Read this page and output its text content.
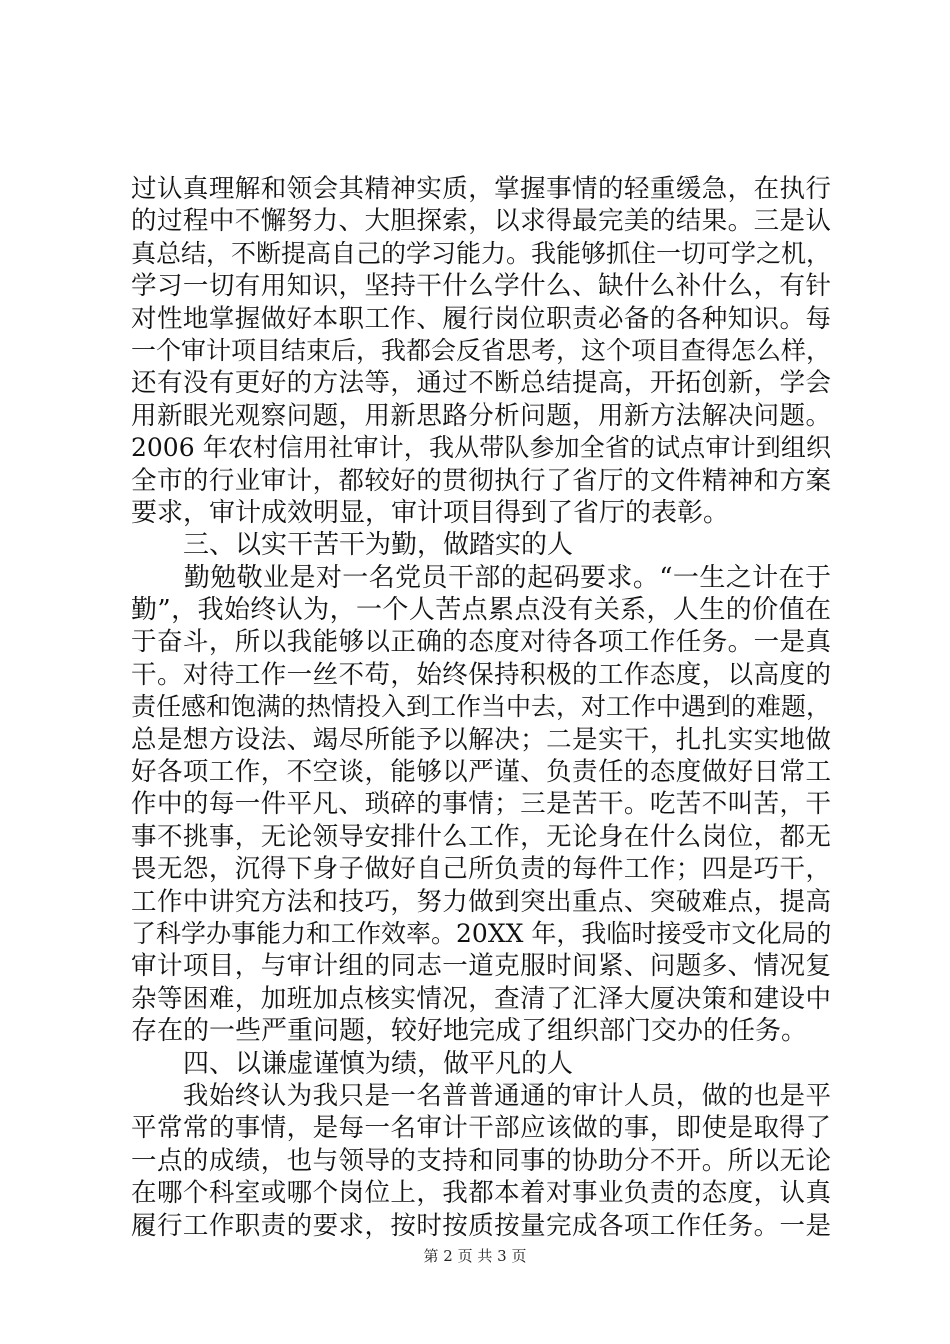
过认真理解和领会其精神实质，掌握事情的轻重缓急，在执行
的过程中不懈努力、大胆探索，以求得最完美的结果。三是认
真总结，不断提高自己的学习能力。我能够抓住一切可学之机，
学习一切有用知识，坚持干什么学什么、缺什么补什么，有针
对性地掌握做好本职工作、履行岗位职责必备的各种知识。每
一个审计项目结束后，我都会反省思考，这个项目查得怎么样，
还有没有更好的方法等，通过不断总结提高，开拓创新，学会
用新眼光观察问题，用新思路分析问题，用新方法解决问题。
2006 年农村信用社审计，我从带队参加全省的试点审计到组织
全市的行业审计，都较好的贯彻执行了省厅的文件精神和方案
要求，审计成效明显，审计项目得到了省厅的表彰。
　　三、以实干苦干为勤，做踏实的人
　　勤勉敬业是对一名党员干部的起码要求。“一生之计在于
勤”，我始终认为，一个人苦点累点没有关系，人生的价值在
于奋斗，所以我能够以正确的态度对待各项工作任务。一是真
干。对待工作一丝不苟，始终保持积极的工作态度，以高度的
责任感和饱满的热情投入到工作当中去，对工作中遇到的难题，
总是想方设法、竭尽所能予以解决；二是实干，扎扎实实地做
好各项工作，不空谈，能够以严谨、负责任的态度做好日常工
作中的每一件平凡、琐碎的事情；三是苦干。吃苦不叫苦，干
事不挑事，无论领导安排什么工作，无论身在什么岗位，都无
畏无怨，沉得下身子做好自己所负责的每件工作；四是巧干，
工作中讲究方法和技巧，努力做到突出重点、突破难点，提高
了科学办事能力和工作效率。20XX 年，我临时接受市文化局的
审计项目，与审计组的同志一道克服时间紧、问题多、情况复
杂等困难，加班加点核实情况，查清了汇泽大厦决策和建设中
存在的一些严重问题，较好地完成了组织部门交办的任务。
　　四、以谦虚谨慎为绩，做平凡的人
　　我始终认为我只是一名普普通通的审计人员，做的也是平
平常常的事情，是每一名审计干部应该做的事，即使是取得了
一点的成绩，也与领导的支持和同事的协助分不开。所以无论
在哪个科室或哪个岗位上，我都本着对事业负责的态度，认真
履行工作职责的要求，按时按质按量完成各项工作任务。一是
第 2 页 共 3 页
